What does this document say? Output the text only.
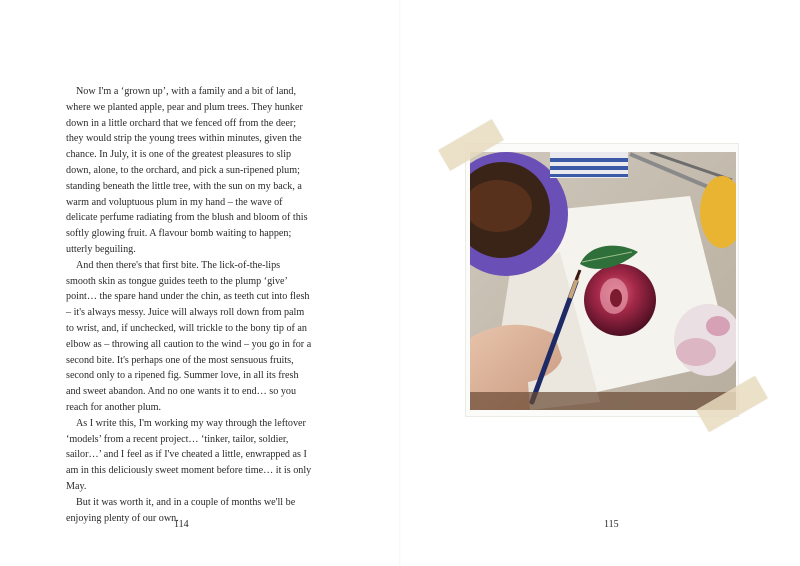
Now I'm a ‘grown up’, with a family and a bit of land, where we planted apple, pear and plum trees. They hunker down in a little orchard that we fenced off from the deer; they would strip the young trees within minutes, given the chance. In July, it is one of the greatest pleasures to slip down, alone, to the orchard, and pick a sun-ripened plum; standing beneath the little tree, with the sun on my back, a warm and voluptuous plum in my hand – the wave of delicate perfume radiating from the blush and bloom of this softly glowing fruit. A flavour bomb waiting to happen; utterly beguiling.

And then there's that first bite. The lick-of-the-lips smooth skin as tongue guides teeth to the plump ‘give’ point… the spare hand under the chin, as teeth cut into flesh – it's always messy. Juice will always roll down from palm to wrist, and, if unchecked, will trickle to the bony tip of an elbow as – throwing all caution to the wind – you go in for a second bite. It's perhaps one of the most sensuous fruits, second only to a ripened fig. Summer love, in all its fresh and sweet abandon. And no one wants it to end… so you reach for another plum.

As I write this, I'm working my way through the leftover ‘models’ from a recent project… ‘tinker, tailor, soldier, sailor…’ and I feel as if I've cheated a little, enwrapped as I am in this deliciously sweet moment before time… it is only May.

But it was worth it, and in a couple of months we'll be enjoying plenty of our own.

114	115
